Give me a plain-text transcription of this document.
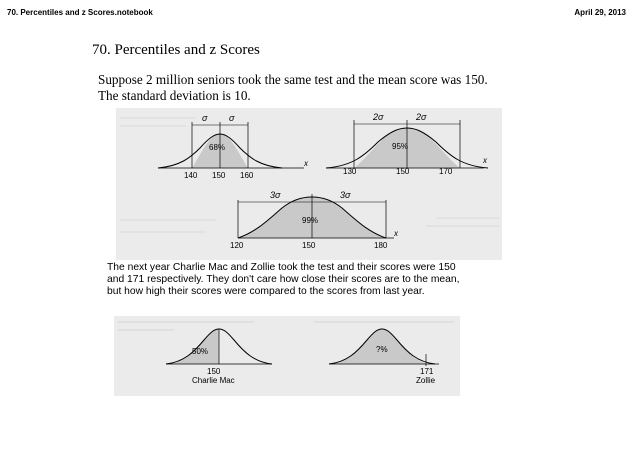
70. Percentiles and z Scores.notebook	April 29, 2013
70. Percentiles and z Scores
Suppose 2 million seniors took the same test and the mean score was 150.
The standard deviation is 10.
σ σ
68%
x
140 150 160
2σ	2σ
95%
x
130	150	170
3σ	3σ
99%
x
120	150	180
The next year Charlie Mac and Zollie took the test and their scores were 150
and 171 respectively. They don't care how close their scores are to the mean,
but how high their scores were compared to the scores from last year.
50%
150
Charlie Mac
?%
171
Zollie
